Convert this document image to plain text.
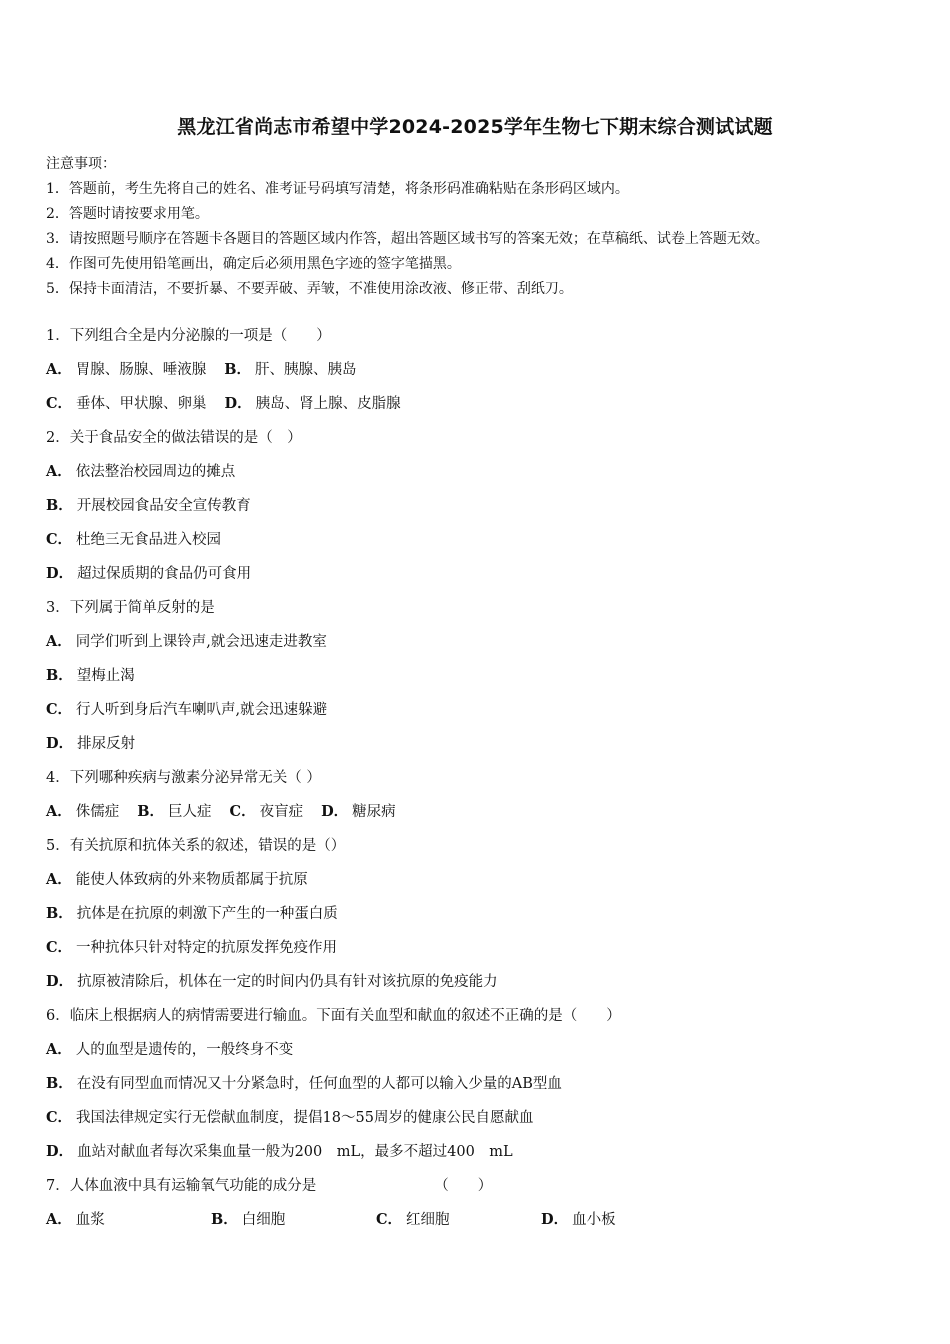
黑龙江省尚志市希望中学2024-2025学年生物七下期末综合测试试题
注意事项：
1．答题前，考生先将自己的姓名、准考证号码填写清楚，将条形码准确粘贴在条形码区域内。
2．答题时请按要求用笔。
3．请按照题号顺序在答题卡各题目的答题区域内作答，超出答题区域书写的答案无效；在草稿纸、试卷上答题无效。
4．作图可先使用铅笔画出，确定后必须用黑色字迹的签字笔描黑。
5．保持卡面清洁，不要折暴、不要弄破、弄皱，不准使用涂改液、修正带、刮纸刀。
1．下列组合全是内分泌腺的一项是（　　）
A． 胃腺、肠腺、唾液腺 B． 肝、胰腺、胰岛
C． 垂体、甲状腺、卵巢 D． 胰岛、肾上腺、皮脂腺
2．关于食品安全的做法错误的是（　）
A． 依法整治校园周边的摊点
B． 开展校园食品安全宣传教育
C． 杜绝三无食品进入校园
D． 超过保质期的食品仍可食用
3．下列属于简单反射的是
A． 同学们听到上课铃声,就会迅速走进教室
B． 望梅止渴
C． 行人听到身后汽车喇叭声,就会迅速躲避
D． 排尿反射
4．下列哪种疾病与激素分泌异常无关（ ）
A． 侏儒症 B． 巨人症 C． 夜盲症 D． 糖尿病
5．有关抗原和抗体关系的叙述，错误的是（）
A． 能使人体致病的外来物质都属于抗原
B． 抗体是在抗原的刺激下产生的一种蛋白质
C． 一种抗体只针对特定的抗原发挥免疫作用
D． 抗原被清除后，机体在一定的时间内仍具有针对该抗原的免疫能力
6．临床上根据病人的病情需要进行输血。下面有关血型和献血的叙述不正确的是（　　）
A． 人的血型是遗传的，一般终身不变
B． 在没有同型血而情况又十分紧急时，任何血型的人都可以输入少量的AB型血
C． 我国法律规定实行无偿献血制度，提倡18～55周岁的健康公民自愿献血
D． 血站对献血者每次采集血量一般为200　mL，最多不超过400　mL
7．人体血液中具有运输氧气功能的成分是	（　　）
A． 血浆	B． 白细胞	C． 红细胞	D． 血小板
